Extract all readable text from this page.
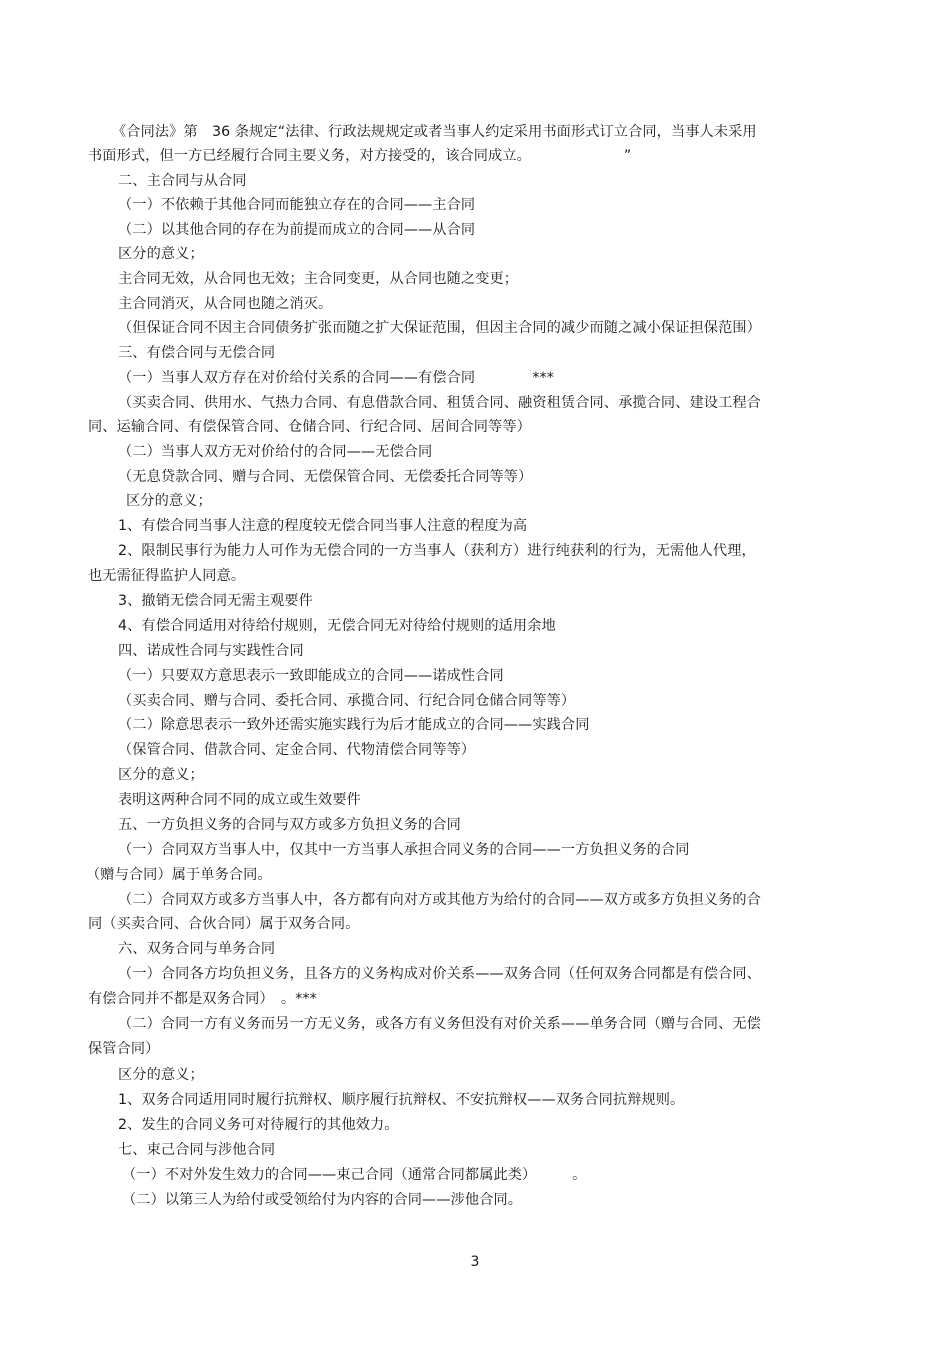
《合同法》第　36 条规定“法律、行政法规规定或者当事人约定采用书面形式订立合同，当事人未采用
书面形式，但一方已经履行合同主要义务，对方接受的，该合同成立。　　　　　　　”
二、主合同与从合同
（一）不依赖于其他合同而能独立存在的合同——主合同
（二）以其他合同的存在为前提而成立的合同——从合同
区分的意义；
主合同无效，从合同也无效；主合同变更，从合同也随之变更；
主合同消灭，从合同也随之消灭。
（但保证合同不因主合同债务扩张而随之扩大保证范围，但因主合同的减少而随之减小保证担保范围）
三、有偿合同与无偿合同
（一）当事人双方存在对价给付关系的合同——有偿合同　　　　***
（买卖合同、供用水、气热力合同、有息借款合同、租赁合同、融资租赁合同、承揽合同、建设工程合
同、运输合同、有偿保管合同、仓储合同、行纪合同、居间合同等等）
（二）当事人双方无对价给付的合同——无偿合同
（无息贷款合同、赠与合同、无偿保管合同、无偿委托合同等等）
区分的意义；
1、有偿合同当事人注意的程度较无偿合同当事人注意的程度为高
2、限制民事行为能力人可作为无偿合同的一方当事人（获利方）进行纯获利的行为，无需他人代理，
也无需征得监护人同意。
3、撤销无偿合同无需主观要件
4、有偿合同适用对待给付规则，无偿合同无对待给付规则的适用余地
四、诺成性合同与实践性合同
（一）只要双方意思表示一致即能成立的合同——诺成性合同
（买卖合同、赠与合同、委托合同、承揽合同、行纪合同仓储合同等等）
（二）除意思表示一致外还需实施实践行为后才能成立的合同——实践合同
（保管合同、借款合同、定金合同、代物清偿合同等等）
区分的意义；
表明这两种合同不同的成立或生效要件
五、一方负担义务的合同与双方或多方负担义务的合同
（一）合同双方当事人中，仅其中一方当事人承担合同义务的合同——一方负担义务的合同
（赠与合同）属于单务合同。
（二）合同双方或多方当事人中，各方都有向对方或其他方为给付的合同——双方或多方负担义务的合
同（买卖合同、合伙合同）属于双务合同。
六、双务合同与单务合同
（一）合同各方均负担义务，且各方的义务构成对价关系——双务合同（任何双务合同都是有偿合同、
有偿合同并不都是双务合同）　。***
（二）合同一方有义务而另一方无义务，或各方有义务但没有对价关系——单务合同（赠与合同、无偿
保管合同）
区分的意义；
1、双务合同适用同时履行抗辩权、顺序履行抗辩权、不安抗辩权——双务合同抗辩规则。
2、发生的合同义务可对待履行的其他效力。
七、束己合同与涉他合同
（一）不对外发生效力的合同——束己合同（通常合同都属此类）　　　。
（二）以第三人为给付或受领给付为内容的合同——涉他合同。
3
